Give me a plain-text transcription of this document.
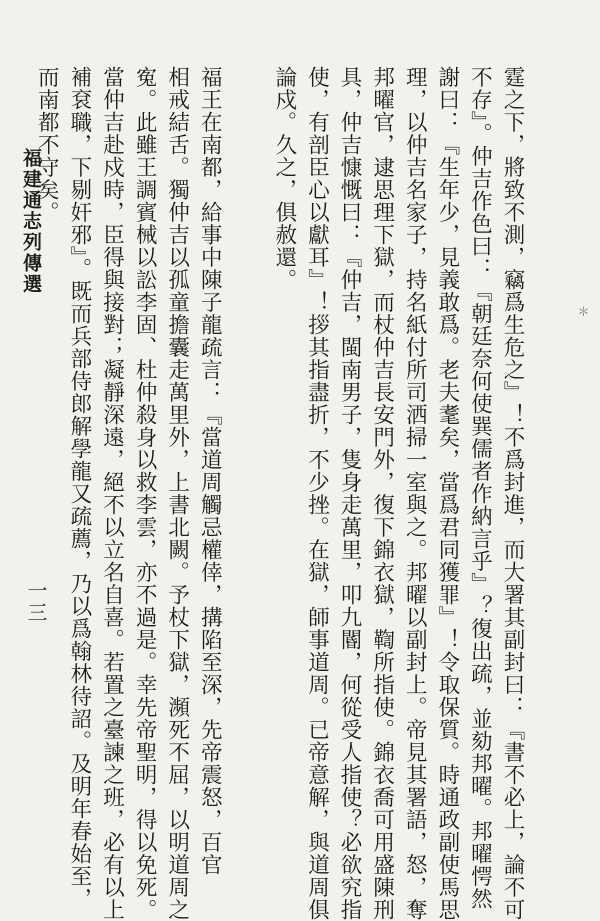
＊
霆之下，將致不測，竊爲生危之』！不爲封進，而大署其副封曰：『書不必上，論不可
不存』。仲吉作色曰：『朝廷奈何使巽儒者作納言乎』？復出疏，並劾邦曜。邦曜愕然
謝曰：『生年少，見義敢爲。老夫耄矣，當爲君同獲罪』！令取保質。時通政副使馬思
理，以仲吉名家子，持名紙付所司洒掃一室與之。邦曜以副封上。帝見其署語，怒，奪
邦曜官，逮思理下獄，而杖仲吉長安門外，復下錦衣獄，鞫所指使。錦衣喬可用盛陳刑
具，仲吉慷慨曰：『仲吉，閩南男子，隻身走萬里，叩九閽，何從受人指使？必欲究指
使，有剖臣心以獻耳』！拶其指盡折，不少挫。在獄，師事道周。已帝意解，與道周俱
論戍。久之，俱赦還。
福王在南都，給事中陳子龍疏言：『當道周觸忌權倖，搆陷至深，先帝震怒，百官
相戒結舌。獨仲吉以孤童擔囊走萬里外，上書北闕。予杖下獄，瀕死不屈，以明道周之
寃。此雖王調賓械以訟李固、杜仲殺身以救李雲，亦不過是。幸先帝聖明，得以免死。
當仲吉赴戍時，臣得與接對；凝靜深遠，絕不以立名自喜。若置之臺諫之班，必有以上
補袞職，下剔奸邪』。既而兵部侍郎解學龍又疏薦，乃以爲翰林待詔。及明年春始至，
而南都不守矣。
福建通志列傳選
一三
